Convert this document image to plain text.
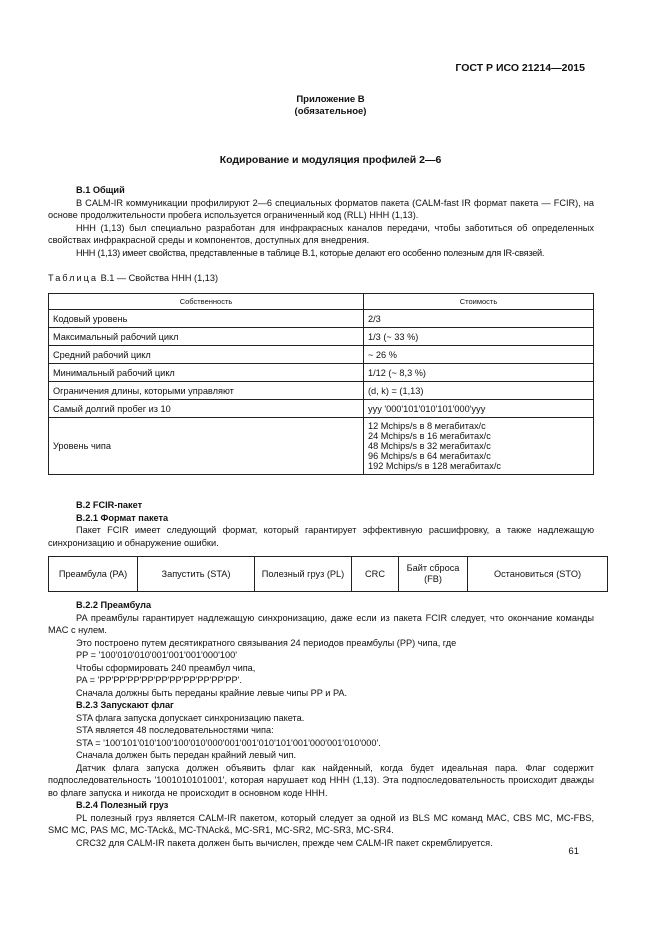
ГОСТ Р ИСО 21214—2015
Приложение В
(обязательное)
Кодирование и модуляция профилей 2—6

В.1 Общий

В CALM-IR коммуникации профилируют 2—6 специальных форматов пакета (CALM-fast IR формат пакета — FCIR), на основе продолжительности пробега используется ограниченный код (RLL) HHH (1,13).

HHH (1,13) был специально разработан для инфракрасных каналов передачи, чтобы заботиться об определенных свойствах инфракрасной среды и компонентов, доступных для внедрения.

HHH (1,13) имеет свойства, представленные в таблице В.1, которые делают его особенно полезным для IR-связей.

Таблица В.1 — Свойства HHH (1,13)
Собственность	Стоимость
Кодовый уровень	2/3
Максимальный рабочий цикл	1/3 (~ 33 %)
Средний рабочий цикл	~ 26 %
Минимальный рабочий цикл	1/12 (~ 8,3 %)
Ограничения длины, которыми управляют	(d, k) = (1,13)
Самый долгий пробег из 10	yyy '000'101'010'101'000'yyy
Уровень чипа	12 Mchips/s в 8 мегабитах/с
24 Mchips/s в 16 мегабитах/с
48 Mchips/s в 32 мегабитах/с
96 Mchips/s в 64 мегабитах/с
192 Mchips/s в 128 мегабитах/с

В.2 FCIR-пакет

В.2.1 Формат пакета

Пакет FCIR имеет следующий формат, который гарантирует эффективную расшифровку, а также надлежащую синхронизацию и обнаружение ошибки.

Преамбула (PA)	Запустить (STA)	Полезный груз (PL)	CRC	Байт сброса (FB)	Остановиться (STO)

В.2.2 Преамбула

PA преамбулы гарантирует надлежащую синхронизацию, даже если из пакета FCIR следует, что окончание команды MAC с нулем.

Это построено путем десятикратного связывания 24 периодов преамбулы (PP) чипа, где

PP = '100'010'010'001'001'001'000'100'

Чтобы сформировать 240 преамбул чипа,

PA = 'PP'PP'PP'PP'PP'PP'PP'PP'PP'PP'.

Сначала должны быть переданы крайние левые чипы PP и PA.

В.2.3 Запускают флаг

STA флага запуска допускает синхронизацию пакета.

STA является 48 последовательностями чипа:

STA = '100'101'010'100'100'010'000'001'001'010'101'001'000'001'010'000'.

Сначала должен быть передан крайний левый чип.

Датчик флага запуска должен объявить флаг как найденный, когда будет идеальная пара. Флаг содержит подпоследовательность '1001010101001', которая нарушает код HHH (1,13). Эта подпоследовательность происходит дважды во флаге запуска и никогда не происходит в основном коде HHH.

В.2.4 Полезный груз

PL полезный груз является CALM-IR пакетом, который следует за одной из BLS MC команд MAC, CBS MC, MC-FBS, SMC MC, PAS MC, MC-TAck&, MC-TNAck&, MC-SR1, MC-SR2, MC-SR3, MC-SR4.

CRC32 для CALM-IR пакета должен быть вычислен, прежде чем CALM-IR пакет скремблируется.

61
